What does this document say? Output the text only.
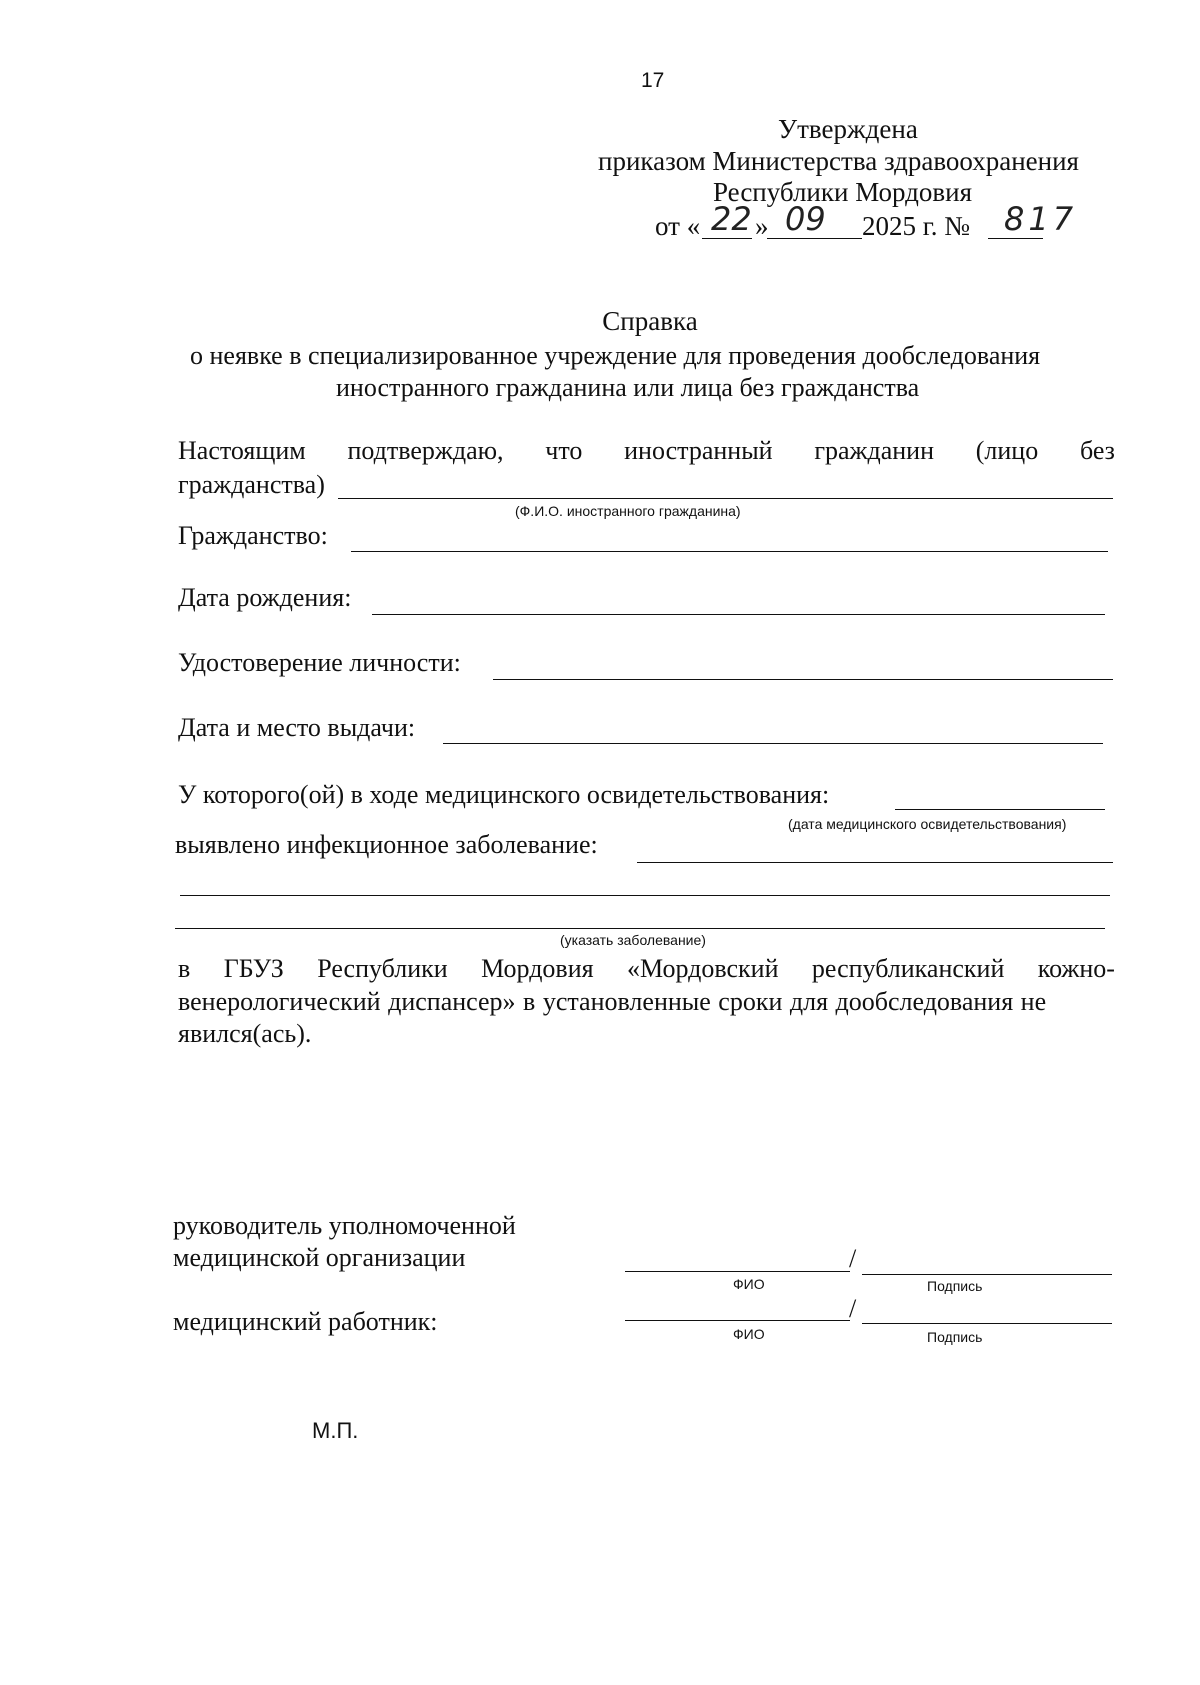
17
Утверждена
приказом Министерства здравоохранения
Республики Мордовия
от « 22 » 09 2025 г. № 817
Справка
о неявке в специализированное учреждение для проведения дообследования
иностранного гражданина или лица без гражданства
Настоящим подтверждаю, что иностранный гражданин (лицо без
гражданства)
(Ф.И.О. иностранного гражданина)
Гражданство:
Дата рождения:
Удостоверение личности:
Дата и место выдачи:
У которого(ой) в ходе медицинского освидетельствования:
(дата медицинского освидетельствования)
выявлено инфекционное заболевание:
(указать заболевание)
в ГБУЗ Республики Мордовия «Мордовский республиканский кожно-
венерологический диспансер» в установленные сроки для дообследования не
явился(ась).
руководитель уполномоченной
медицинской организации	/
ФИО	Подпись
медицинский работник:	/
ФИО	Подпись
М.П.
